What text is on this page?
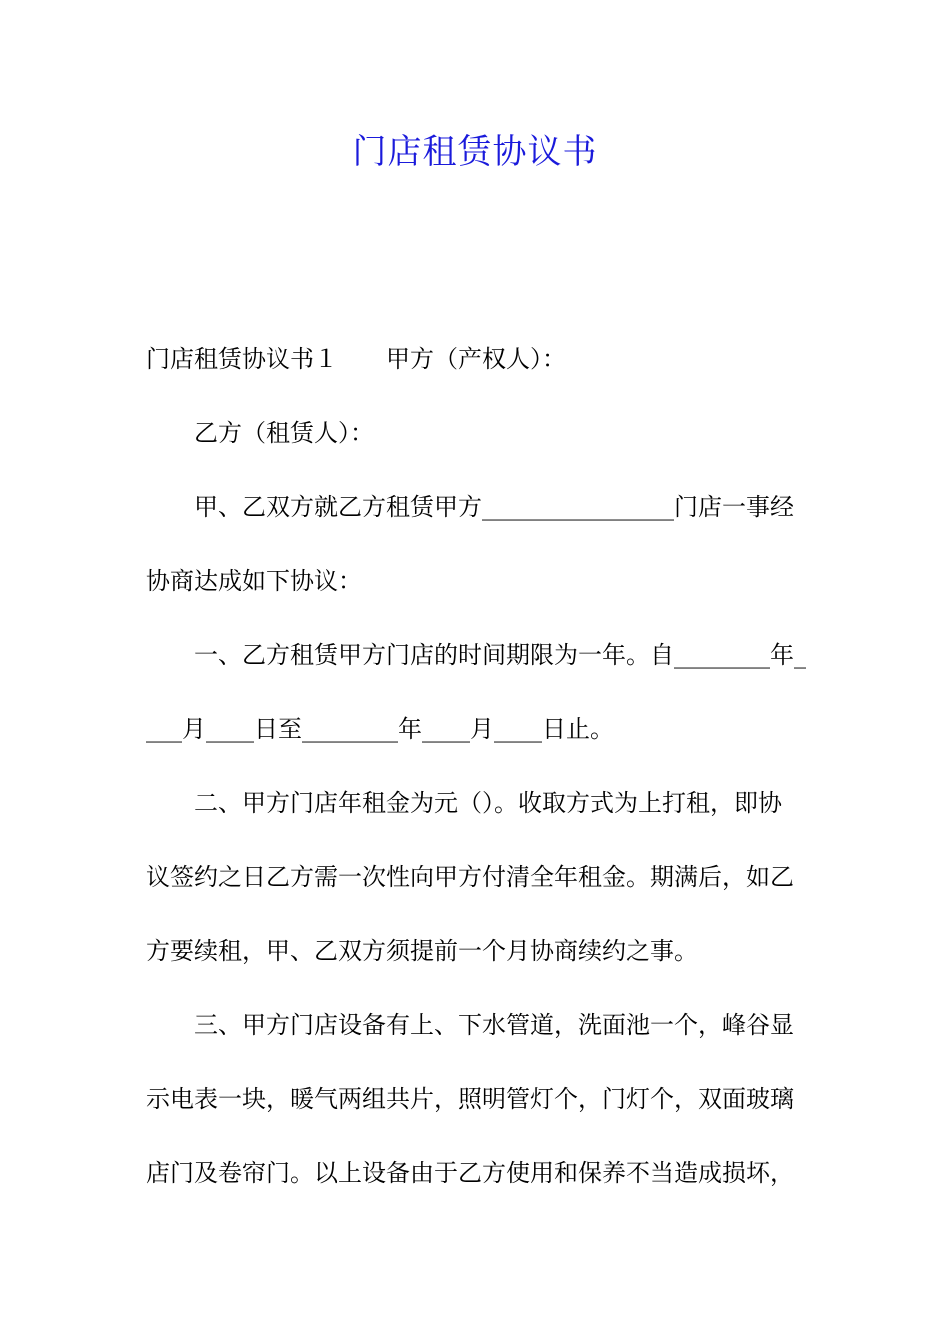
门店租赁协议书
门店租赁协议书１ 甲方（产权人）：
乙方（租赁人）：
甲、乙双方就乙方租赁甲方________________门店一事经
协商达成如下协议：
一、乙方租赁甲方门店的时间期限为一年。自________年_
___月____日至________年____月____日止。
二、甲方门店年租金为元（）。收取方式为上打租，即协
议签约之日乙方需一次性向甲方付清全年租金。期满后，如乙
方要续租，甲、乙双方须提前一个月协商续约之事。
三、甲方门店设备有上、下水管道，洗面池一个，峰谷显
示电表一块，暖气两组共片，照明管灯个，门灯个，双面玻璃
店门及卷帘门。以上设备由于乙方使用和保养不当造成损坏，
